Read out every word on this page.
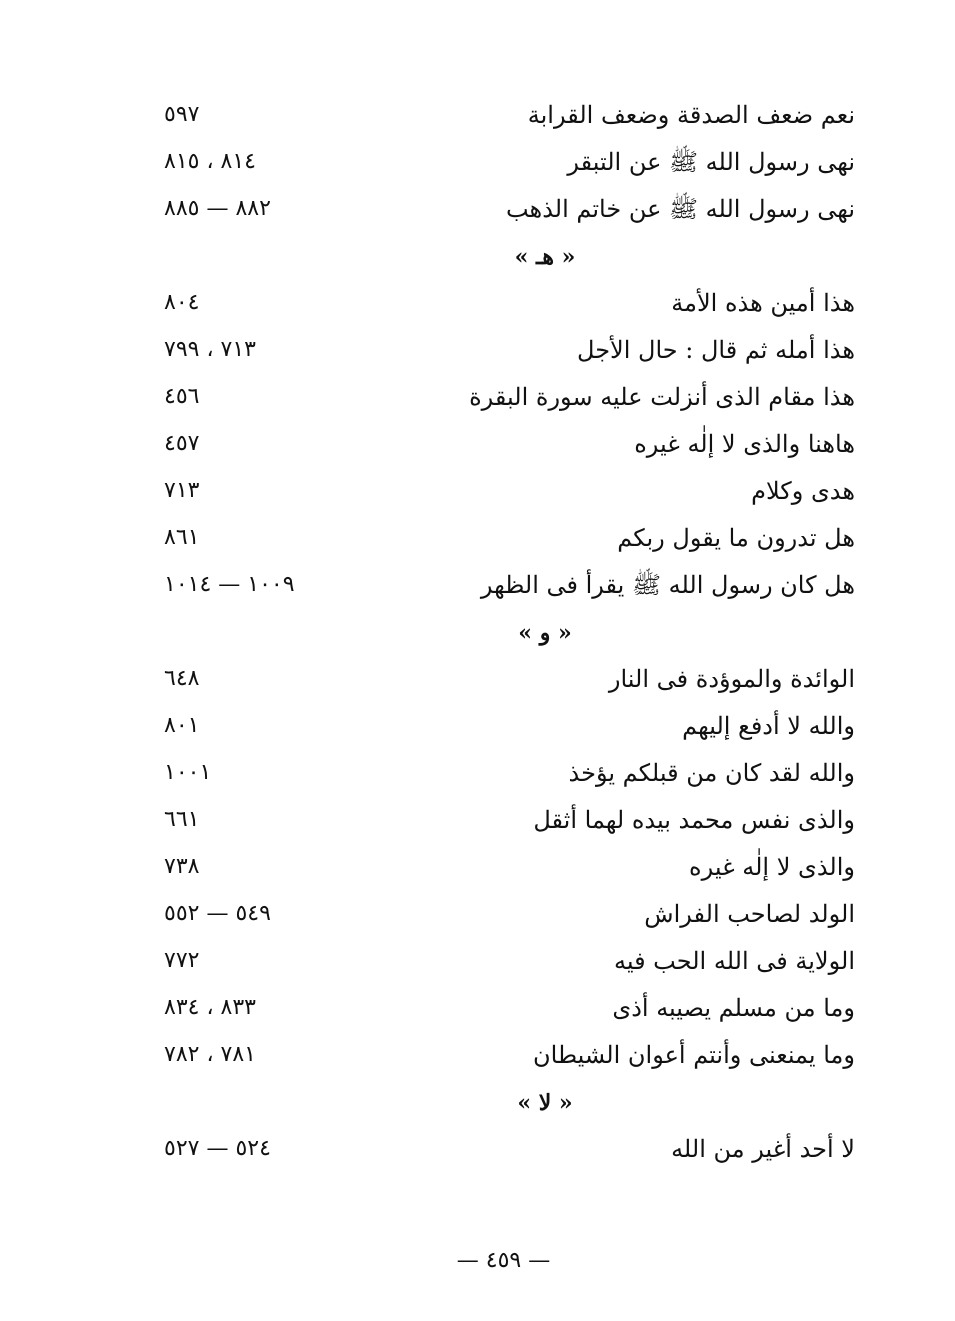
نعم ضعف الصدقة وضعف القرابة
٥٩٧
نهى رسول الله ﷺ عن التبقر
٨١٤ ، ٨١٥
نهى رسول الله ﷺ عن خاتم الذهب
٨٨٢ — ٨٨٥
« هـ »
هذا أمين هذه الأمة
٨٠٤
هذا أمله ثم قال : حال الأجل
٧١٣ ، ٧٩٩
هذا مقام الذى أنزلت عليه سورة البقرة
٤٥٦
هاهنا والذى لا إلٰه غيره
٤٥٧
هدى وكلام
٧١٣
هل تدرون ما يقول ربكم
٨٦١
هل كان رسول الله ﷺ يقرأ فى الظهر
١٠٠٩ — ١٠١٤
« و »
الوائدة والموؤدة فى النار
٦٤٨
والله لا أدفع إليهم
٨٠١
والله لقد كان من قبلكم يؤخذ
١٠٠١
والذى نفس محمد بيده لهما أثقل
٦٦١
والذى لا إلٰه غيره
٧٣٨
الولد لصاحب الفراش
٥٤٩ — ٥٥٢
الولاية فى الله الحب فيه
٧٧٢
وما من مسلم يصيبه أذى
٨٣٣ ، ٨٣٤
وما يمنعنى وأنتم أعوان الشيطان
٧٨١ ، ٧٨٢
« لا »
لا أحد أغير من الله
٥٢٤ — ٥٢٧
— ٤٥٩ —
